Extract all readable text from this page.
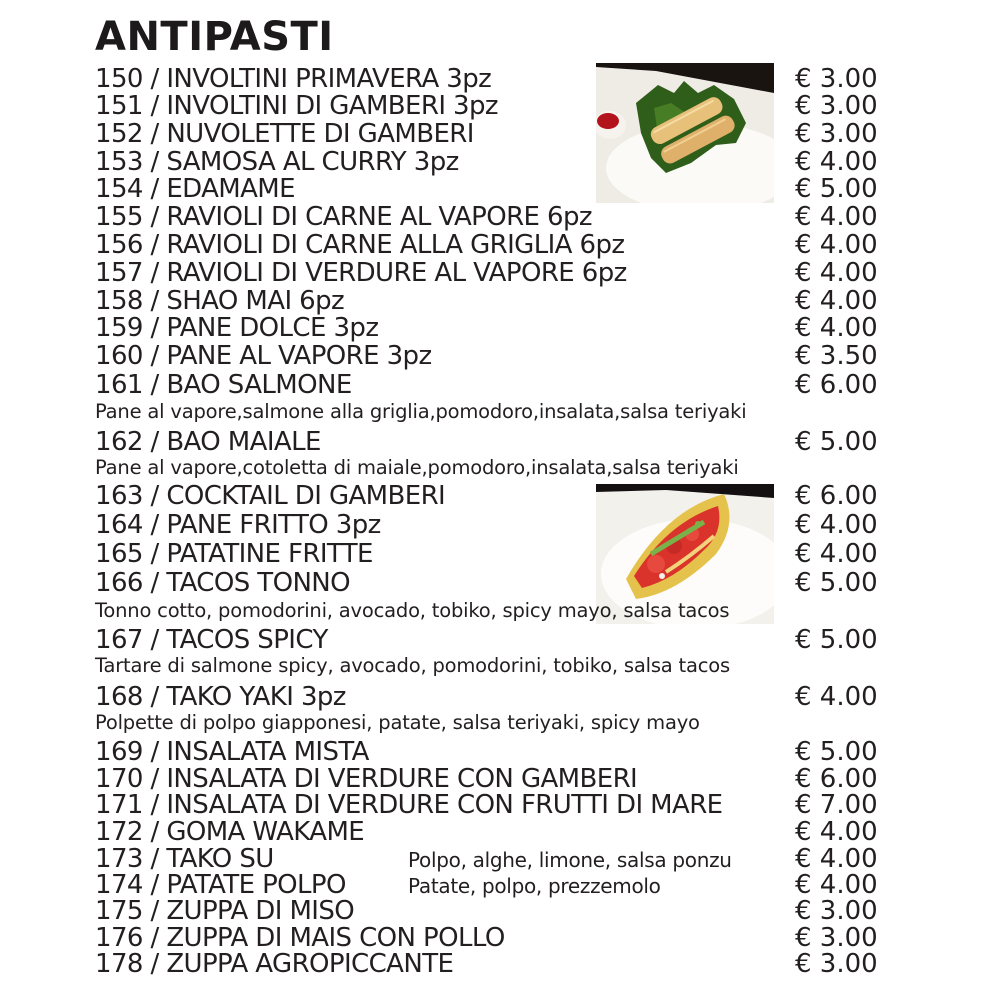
ANTIPASTI
150 / INVOLTINI PRIMAVERA 3pz	€ 3.00
151 / INVOLTINI DI GAMBERI 3pz	€ 3.00
152 / NUVOLETTE DI GAMBERI	€ 3.00
153 / SAMOSA AL CURRY 3pz	€ 4.00
154 / EDAMAME	€ 5.00
155 / RAVIOLI DI CARNE AL VAPORE 6pz	€ 4.00
156 / RAVIOLI DI CARNE ALLA GRIGLIA 6pz	€ 4.00
157 / RAVIOLI DI VERDURE AL VAPORE 6pz	€ 4.00
158 / SHAO MAI 6pz	€ 4.00
159 / PANE DOLCE 3pz	€ 4.00
160 / PANE AL VAPORE 3pz	€ 3.50
161 / BAO SALMONE	€ 6.00
Pane al vapore,salmone alla griglia,pomodoro,insalata,salsa teriyaki
162 / BAO MAIALE	€ 5.00
Pane al vapore,cotoletta di maiale,pomodoro,insalata,salsa teriyaki
163 / COCKTAIL DI GAMBERI	€ 6.00
164 / PANE FRITTO 3pz	€ 4.00
165 / PATATINE FRITTE	€ 4.00
166 / TACOS TONNO	€ 5.00
Tonno cotto, pomodorini, avocado, tobiko, spicy mayo, salsa tacos
167 / TACOS SPICY	€ 5.00
Tartare di salmone spicy, avocado, pomodorini, tobiko, salsa tacos
168 / TAKO YAKI 3pz	€ 4.00
Polpette di polpo giapponesi, patate, salsa teriyaki, spicy mayo
169 / INSALATA MISTA	€ 5.00
170 / INSALATA DI VERDURE CON GAMBERI	€ 6.00
171 / INSALATA DI VERDURE CON FRUTTI DI MARE	€ 7.00
172 / GOMA WAKAME	€ 4.00
173 / TAKO SU	Polpo, alghe, limone, salsa ponzu € 4.00
174 / PATATE POLPO	Patate, polpo, prezzemolo	€ 4.00
175 / ZUPPA DI MISO	€ 3.00
176 / ZUPPA DI MAIS CON POLLO	€ 3.00
178 / ZUPPA AGROPICCANTE	€ 3.00
